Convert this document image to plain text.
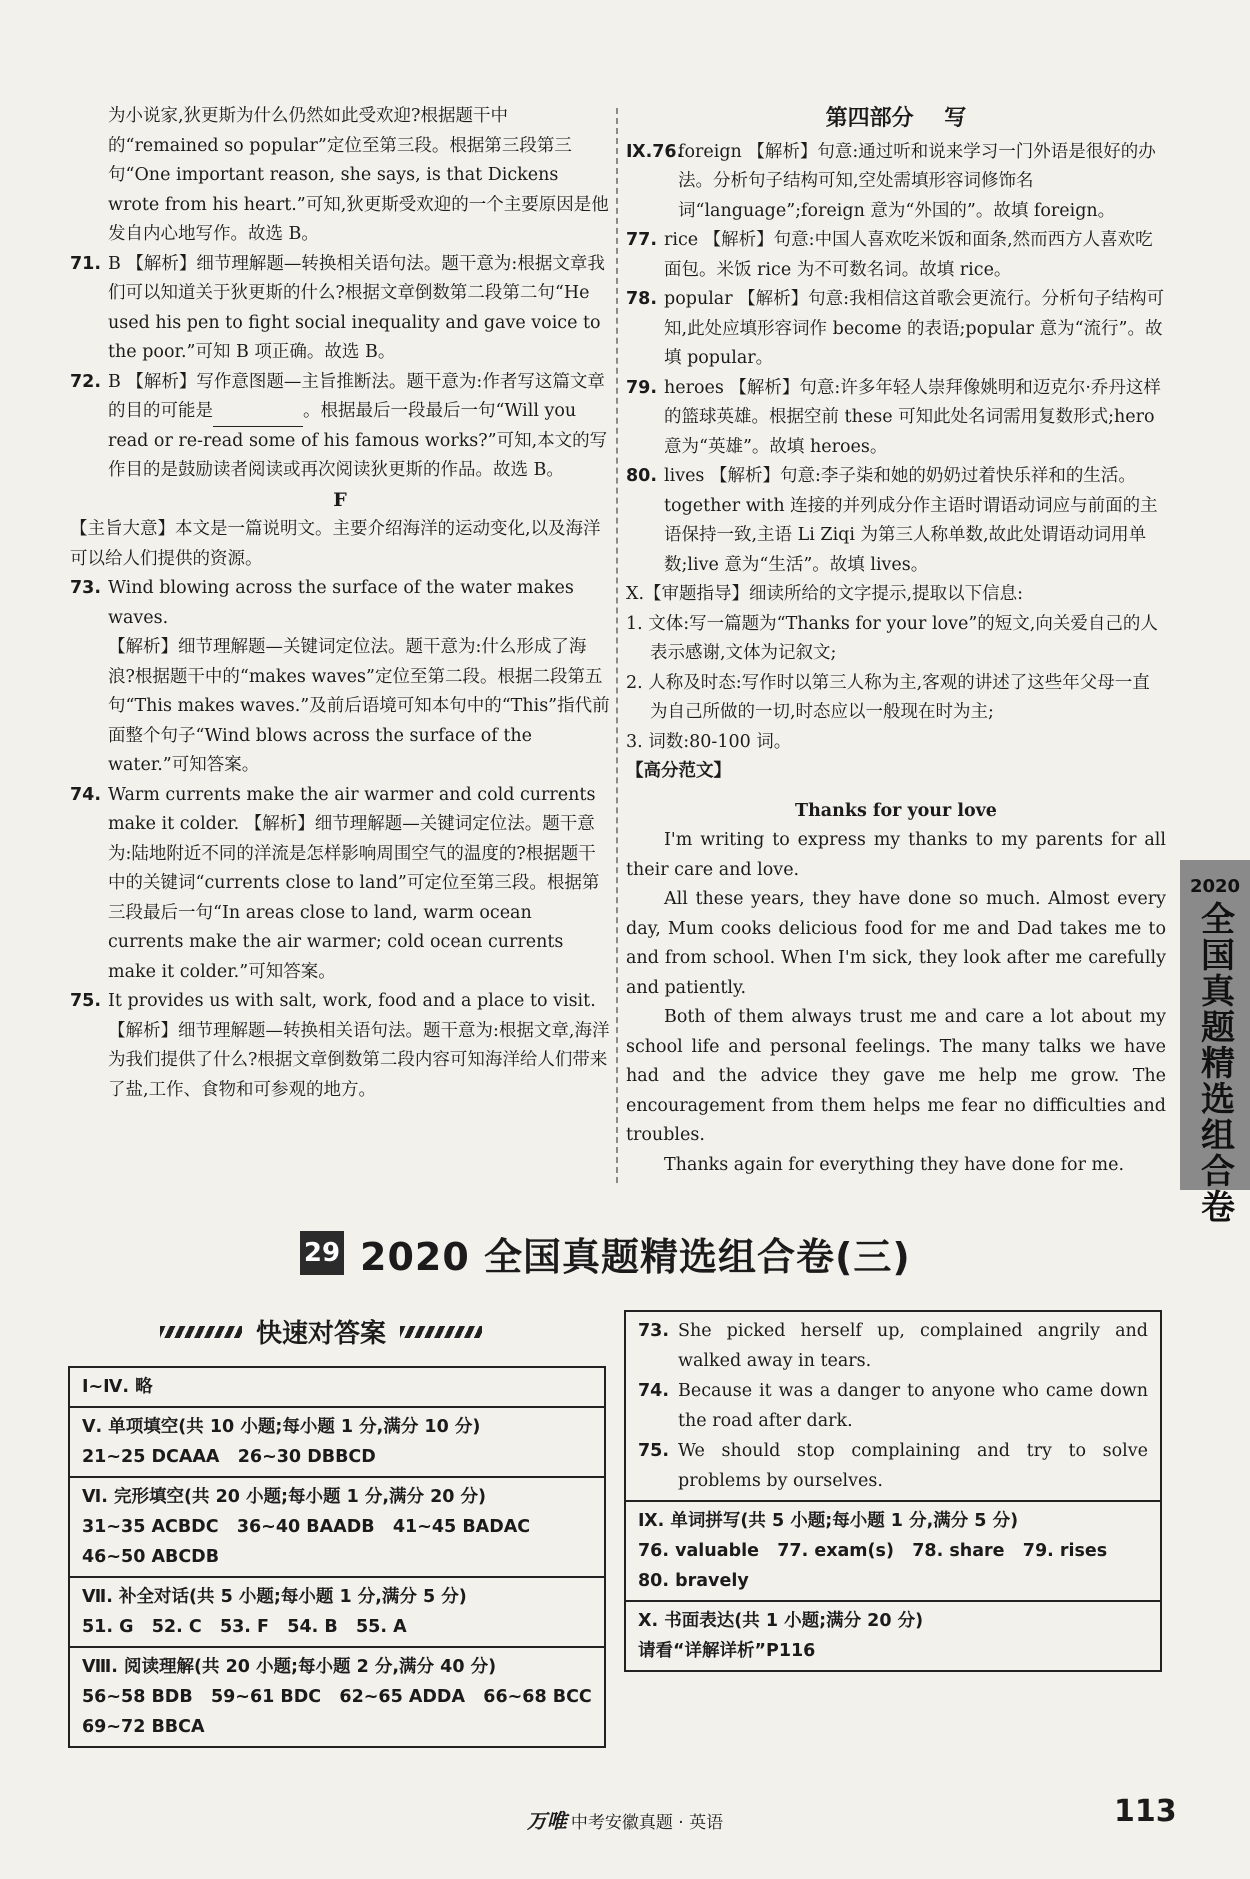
为小说家,狄更斯为什么仍然如此受欢迎?根据题干中的“remained so popular”定位至第三段。根据第三段第三句“One important reason, she says, is that Dickens wrote from his heart.”可知,狄更斯受欢迎的一个主要原因是他发自内心地写作。故选 B。

71. B 【解析】细节理解题—转换相关语句法。题干意为:根据文章我们可以知道关于狄更斯的什么?根据文章倒数第二段第二句“He used his pen to fight social inequality and gave voice to the poor.”可知 B 项正确。故选 B。

72. B 【解析】写作意图题—主旨推断法。题干意为:作者写这篇文章的目的可能是	。根据最后一段最后一句“Will you read or re-read some of his famous works?”可知,本文的写作目的是鼓励读者阅读或再次阅读狄更斯的作品。故选 B。

F

【主旨大意】本文是一篇说明文。主要介绍海洋的运动变化,以及海洋可以给人们提供的资源。

73. Wind blowing across the surface of the water makes waves.

【解析】细节理解题—关键词定位法。题干意为:什么形成了海浪?根据题干中的“makes waves”定位至第二段。根据二段第五句“This makes waves.”及前后语境可知本句中的“This”指代前面整个句子“Wind blows across the surface of the water.”可知答案。

74. Warm currents make the air warmer and cold currents make it colder. 【解析】细节理解题—关键词定位法。题干意为:陆地附近不同的洋流是怎样影响周围空气的温度的?根据题干中的关键词“currents close to land”可定位至第三段。根据第三段最后一句“In areas close to land, warm ocean currents make the air warmer; cold ocean currents make it colder.”可知答案。

75. It provides us with salt, work, food and a place to visit.

【解析】细节理解题—转换相关语句法。题干意为:根据文章,海洋为我们提供了什么?根据文章倒数第二段内容可知海洋给人们带来了盐,工作、食物和可参观的地方。

第四部分    写

Ⅸ.76.foreign 【解析】句意:通过听和说来学习一门外语是很好的办法。分析句子结构可知,空处需填形容词修饰名词“language”;foreign 意为“外国的”。故填 foreign。

77. rice 【解析】句意:中国人喜欢吃米饭和面条,然而西方人喜欢吃面包。米饭 rice 为不可数名词。故填 rice。

78. popular 【解析】句意:我相信这首歌会更流行。分析句子结构可知,此处应填形容词作 become 的表语;popular 意为“流行”。故填 popular。

79. heroes 【解析】句意:许多年轻人崇拜像姚明和迈克尔·乔丹这样的篮球英雄。根据空前 these 可知此处名词需用复数形式;hero 意为“英雄”。故填 heroes。

80. lives 【解析】句意:李子柒和她的奶奶过着快乐祥和的生活。together with 连接的并列成分作主语时谓语动词应与前面的主语保持一致,主语 Li Ziqi 为第三人称单数,故此处谓语动词用单数;live 意为“生活”。故填 lives。

Ⅹ.【审题指导】细读所给的文字提示,提取以下信息:

1. 文体:写一篇题为“Thanks for your love”的短文,向关爱自己的人表示感谢,文体为记叙文;

2. 人称及时态:写作时以第三人称为主,客观的讲述了这些年父母一直为自己所做的一切,时态应以一般现在时为主;

3. 词数:80-100 词。

【高分范文】

Thanks for your love

I'm writing to express my thanks to my parents for all their care and love.

All these years, they have done so much. Almost every day, Mum cooks delicious food for me and Dad takes me to and from school. When I'm sick, they look after me carefully and patiently.

Both of them always trust me and care a lot about my school life and personal feelings. The many talks we have had and the advice they gave me help me grow. The encouragement from them helps me fear no difficulties and troubles.

Thanks again for everything they have done for me.

2020
全国真题精选组合卷
29 2020 全国真题精选组合卷(三)
快速对答案
Ⅰ~Ⅳ. 略
Ⅴ. 单项填空(共 10 小题;每小题 1 分,满分 10 分)
21~25 DCAAA   26~30 DBBCD
Ⅵ. 完形填空(共 20 小题;每小题 1 分,满分 20 分)
31~35 ACBDC   36~40 BAADB   41~45 BADAC
46~50 ABCDB
Ⅶ. 补全对话(共 5 小题;每小题 1 分,满分 5 分)
51. G   52. C   53. F   54. B   55. A
Ⅷ. 阅读理解(共 20 小题;每小题 2 分,满分 40 分)
56~58 BDB   59~61 BDC   62~65 ADDA   66~68 BCC
69~72 BBCA
73. She picked herself up, complained angrily and walked away in tears.
74. Because it was a danger to anyone who came down the road after dark.
75. We should stop complaining and try to solve problems by ourselves.
Ⅸ. 单词拼写(共 5 小题;每小题 1 分,满分 5 分)
76. valuable   77. exam(s)   78. share   79. rises
80. bravely
Ⅹ. 书面表达(共 1 小题;满分 20 分)
请看“详解详析”P116
万唯 中考安徽真题 · 英语	113
